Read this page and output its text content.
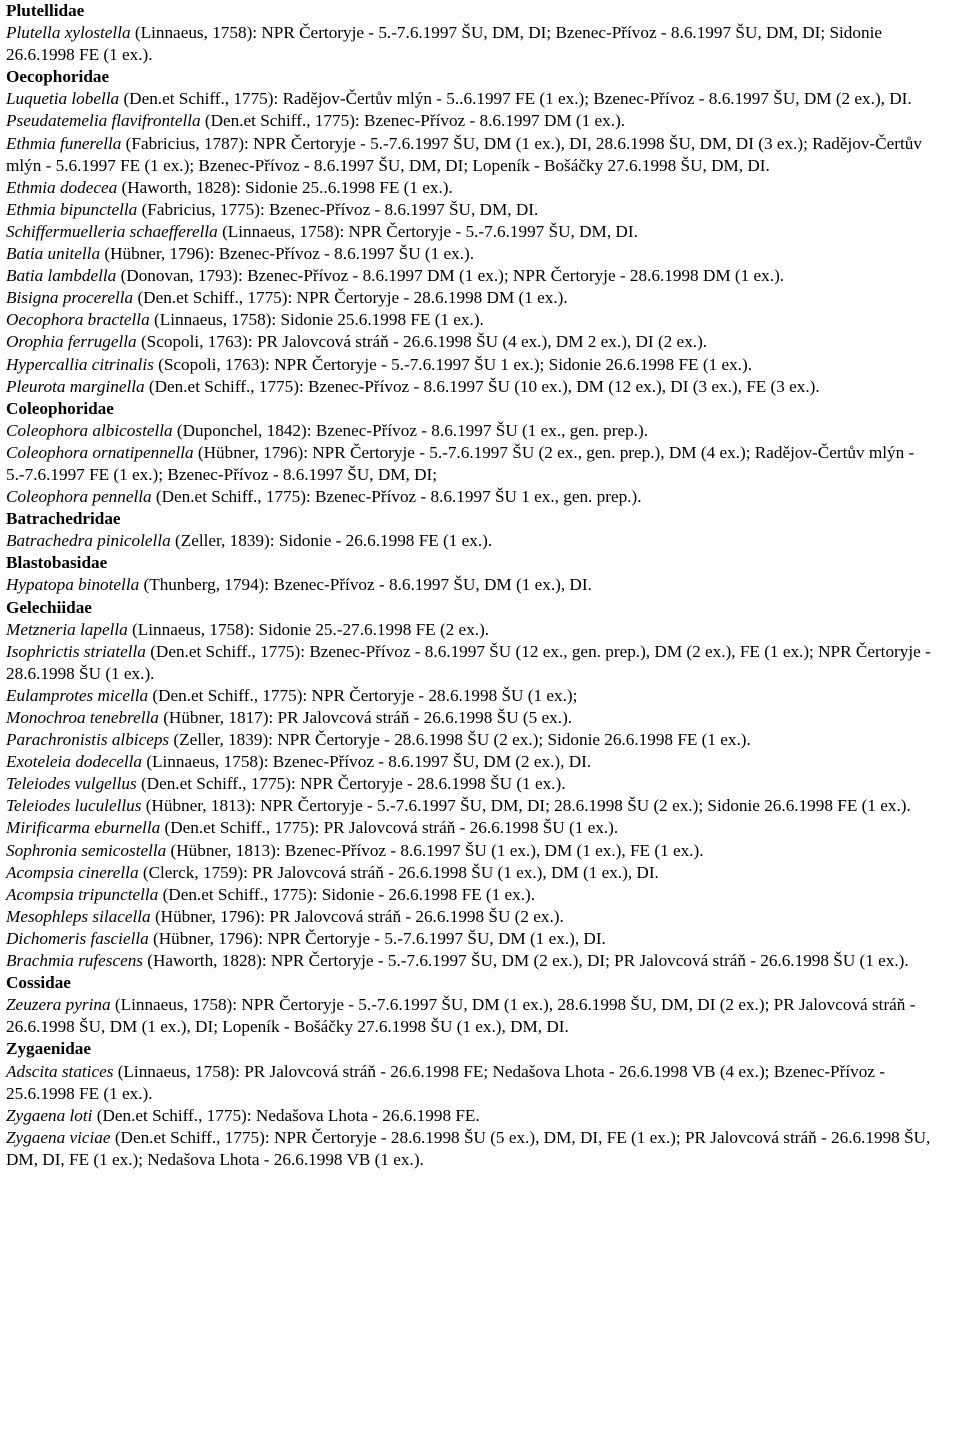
Plutellidae
Plutella xylostella (Linnaeus, 1758): NPR Čertoryje - 5.-7.6.1997 ŠU, DM, DI; Bzenec-Přívoz - 8.6.1997 ŠU, DM, DI; Sidonie 26.6.1998 FE (1 ex.).
Oecophoridae
Luquetia lobella (Den.et Schiff., 1775): Radějov-Čertův mlýn - 5..6.1997 FE (1 ex.); Bzenec-Přívoz - 8.6.1997 ŠU, DM (2 ex.), DI.
Pseudatemelia flavifrontella (Den.et Schiff., 1775): Bzenec-Přívoz - 8.6.1997 DM (1 ex.).
Ethmia funerella (Fabricius, 1787): NPR Čertoryje - 5.-7.6.1997 ŠU, DM (1 ex.), DI, 28.6.1998 ŠU, DM, DI (3 ex.); Radějov-Čertův mlýn - 5.6.1997 FE (1 ex.); Bzenec-Přívoz - 8.6.1997 ŠU, DM, DI; Lopeník - Bošáčky 27.6.1998 ŠU, DM, DI.
Ethmia dodecea (Haworth, 1828): Sidonie 25..6.1998 FE (1 ex.).
Ethmia bipunctella (Fabricius, 1775): Bzenec-Přívoz - 8.6.1997 ŠU, DM, DI.
Schiffermuelleria schaefferella (Linnaeus, 1758): NPR Čertoryje - 5.-7.6.1997 ŠU, DM, DI.
Batia unitella (Hübner, 1796): Bzenec-Přívoz - 8.6.1997 ŠU (1 ex.).
Batia lambdella (Donovan, 1793): Bzenec-Přívoz - 8.6.1997 DM (1 ex.); NPR Čertoryje - 28.6.1998 DM (1 ex.).
Bisigna procerella (Den.et Schiff., 1775): NPR Čertoryje - 28.6.1998 DM (1 ex.).
Oecophora bractella (Linnaeus, 1758): Sidonie 25.6.1998 FE (1 ex.).
Orophia ferrugella (Scopoli, 1763): PR Jalovcová stráň - 26.6.1998 ŠU (4 ex.), DM 2 ex.), DI (2 ex.).
Hypercallia citrinalis (Scopoli, 1763): NPR Čertoryje - 5.-7.6.1997 ŠU 1 ex.); Sidonie 26.6.1998 FE (1 ex.).
Pleurota marginella (Den.et Schiff., 1775): Bzenec-Přívoz - 8.6.1997 ŠU (10 ex.), DM (12 ex.), DI (3 ex.), FE (3 ex.).
Coleophoridae
Coleophora albicostella (Duponchel, 1842): Bzenec-Přívoz - 8.6.1997 ŠU (1 ex., gen. prep.).
Coleophora ornatipennella (Hübner, 1796): NPR Čertoryje - 5.-7.6.1997 ŠU (2 ex., gen. prep.), DM (4 ex.); Radějov-Čertův mlýn - 5.-7.6.1997 FE (1 ex.); Bzenec-Přívoz - 8.6.1997 ŠU, DM, DI;
Coleophora pennella (Den.et Schiff., 1775): Bzenec-Přívoz - 8.6.1997 ŠU 1 ex., gen. prep.).
Batrachedridae
Batrachedra pinicolella (Zeller, 1839): Sidonie - 26.6.1998 FE (1 ex.).
Blastobasidae
Hypatopa binotella (Thunberg, 1794): Bzenec-Přívoz - 8.6.1997 ŠU, DM (1 ex.), DI.
Gelechiidae
Metzneria lapella (Linnaeus, 1758): Sidonie 25.-27.6.1998 FE (2 ex.).
Isophrictis striatella (Den.et Schiff., 1775): Bzenec-Přívoz - 8.6.1997 ŠU (12 ex., gen. prep.), DM (2 ex.), FE (1 ex.); NPR Čertoryje - 28.6.1998 ŠU (1 ex.).
Eulamprotes micella (Den.et Schiff., 1775): NPR Čertoryje - 28.6.1998 ŠU (1 ex.);
Monochroa tenebrella (Hübner, 1817): PR Jalovcová stráň - 26.6.1998 ŠU (5 ex.).
Parachronistis albiceps (Zeller, 1839): NPR Čertoryje - 28.6.1998 ŠU (2 ex.); Sidonie 26.6.1998 FE (1 ex.).
Exoteleia dodecella (Linnaeus, 1758): Bzenec-Přívoz - 8.6.1997 ŠU, DM (2 ex.), DI.
Teleiodes vulgellus (Den.et Schiff., 1775): NPR Čertoryje - 28.6.1998 ŠU (1 ex.).
Teleiodes luculellus (Hübner, 1813): NPR Čertoryje - 5.-7.6.1997 ŠU, DM, DI; 28.6.1998 ŠU (2 ex.); Sidonie 26.6.1998 FE (1 ex.).
Mirificarma eburnella (Den.et Schiff., 1775): PR Jalovcová stráň - 26.6.1998 ŠU (1 ex.).
Sophronia semicostella (Hübner, 1813): Bzenec-Přívoz - 8.6.1997 ŠU (1 ex.), DM (1 ex.), FE (1 ex.).
Acompsia cinerella (Clerck, 1759): PR Jalovcová stráň - 26.6.1998 ŠU (1 ex.), DM (1 ex.), DI.
Acompsia tripunctella (Den.et Schiff., 1775): Sidonie - 26.6.1998 FE (1 ex.).
Mesophleps silacella (Hübner, 1796): PR Jalovcová stráň - 26.6.1998 ŠU (2 ex.).
Dichomeris fasciella (Hübner, 1796): NPR Čertoryje - 5.-7.6.1997 ŠU, DM (1 ex.), DI.
Brachmia rufescens (Haworth, 1828): NPR Čertoryje - 5.-7.6.1997 ŠU, DM (2 ex.), DI; PR Jalovcová stráň - 26.6.1998 ŠU (1 ex.).
Cossidae
Zeuzera pyrina (Linnaeus, 1758): NPR Čertoryje - 5.-7.6.1997 ŠU, DM (1 ex.), 28.6.1998 ŠU, DM, DI (2 ex.); PR Jalovcová stráň - 26.6.1998 ŠU, DM (1 ex.), DI; Lopeník - Bošáčky 27.6.1998 ŠU (1 ex.), DM, DI.
Zygaenidae
Adscita statices (Linnaeus, 1758): PR Jalovcová stráň - 26.6.1998 FE; Nedašova Lhota - 26.6.1998 VB (4 ex.); Bzenec-Přívoz - 25.6.1998 FE (1 ex.).
Zygaena loti (Den.et Schiff., 1775): Nedašova Lhota - 26.6.1998 FE.
Zygaena viciae (Den.et Schiff., 1775): NPR Čertoryje - 28.6.1998 ŠU (5 ex.), DM, DI, FE (1 ex.); PR Jalovcová stráň - 26.6.1998 ŠU, DM, DI, FE (1 ex.); Nedašova Lhota - 26.6.1998 VB (1 ex.).
